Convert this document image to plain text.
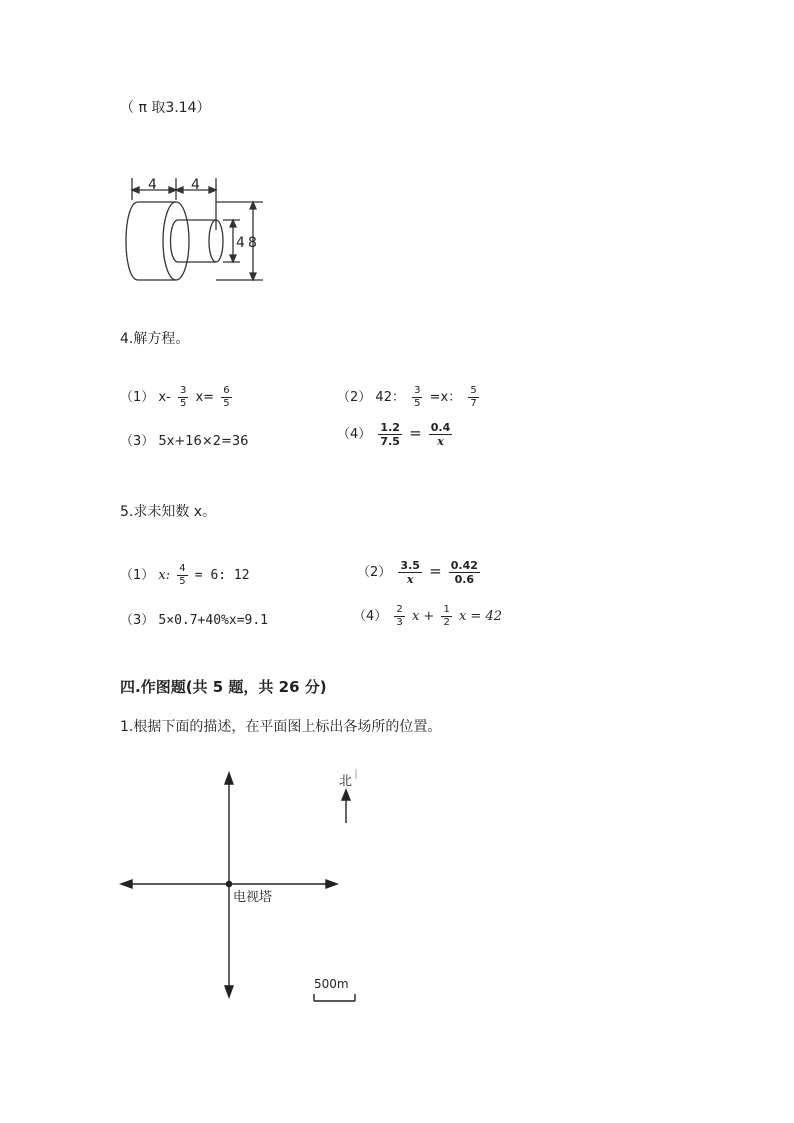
（ π 取3.14）
4 4
4 8
4.解方程。
（1） $x- \frac{3}{5} x= \frac{6}{5}$	（2） 42： $\frac{3}{5} =x$： $\frac{5}{7}$
（3） 5x+16×2=36	$(4) \frac{1.2}{7.5} = \frac{0.4}{x}$
5.求未知数 x。
（1） x: $\frac{4}{5} = 6$: 12	$(2) \frac{3.5}{x} = \frac{0.42}{0.6}$
（3） 5×0.7+40%x=9.1	$(4) \frac{2}{3}$ $x + \frac{1}{2}$ x = 42
四.作图题(共 5 题，共 26 分)
1.根据下面的描述，在平面图上标出各场所的位置。
北
电视塔
500m
